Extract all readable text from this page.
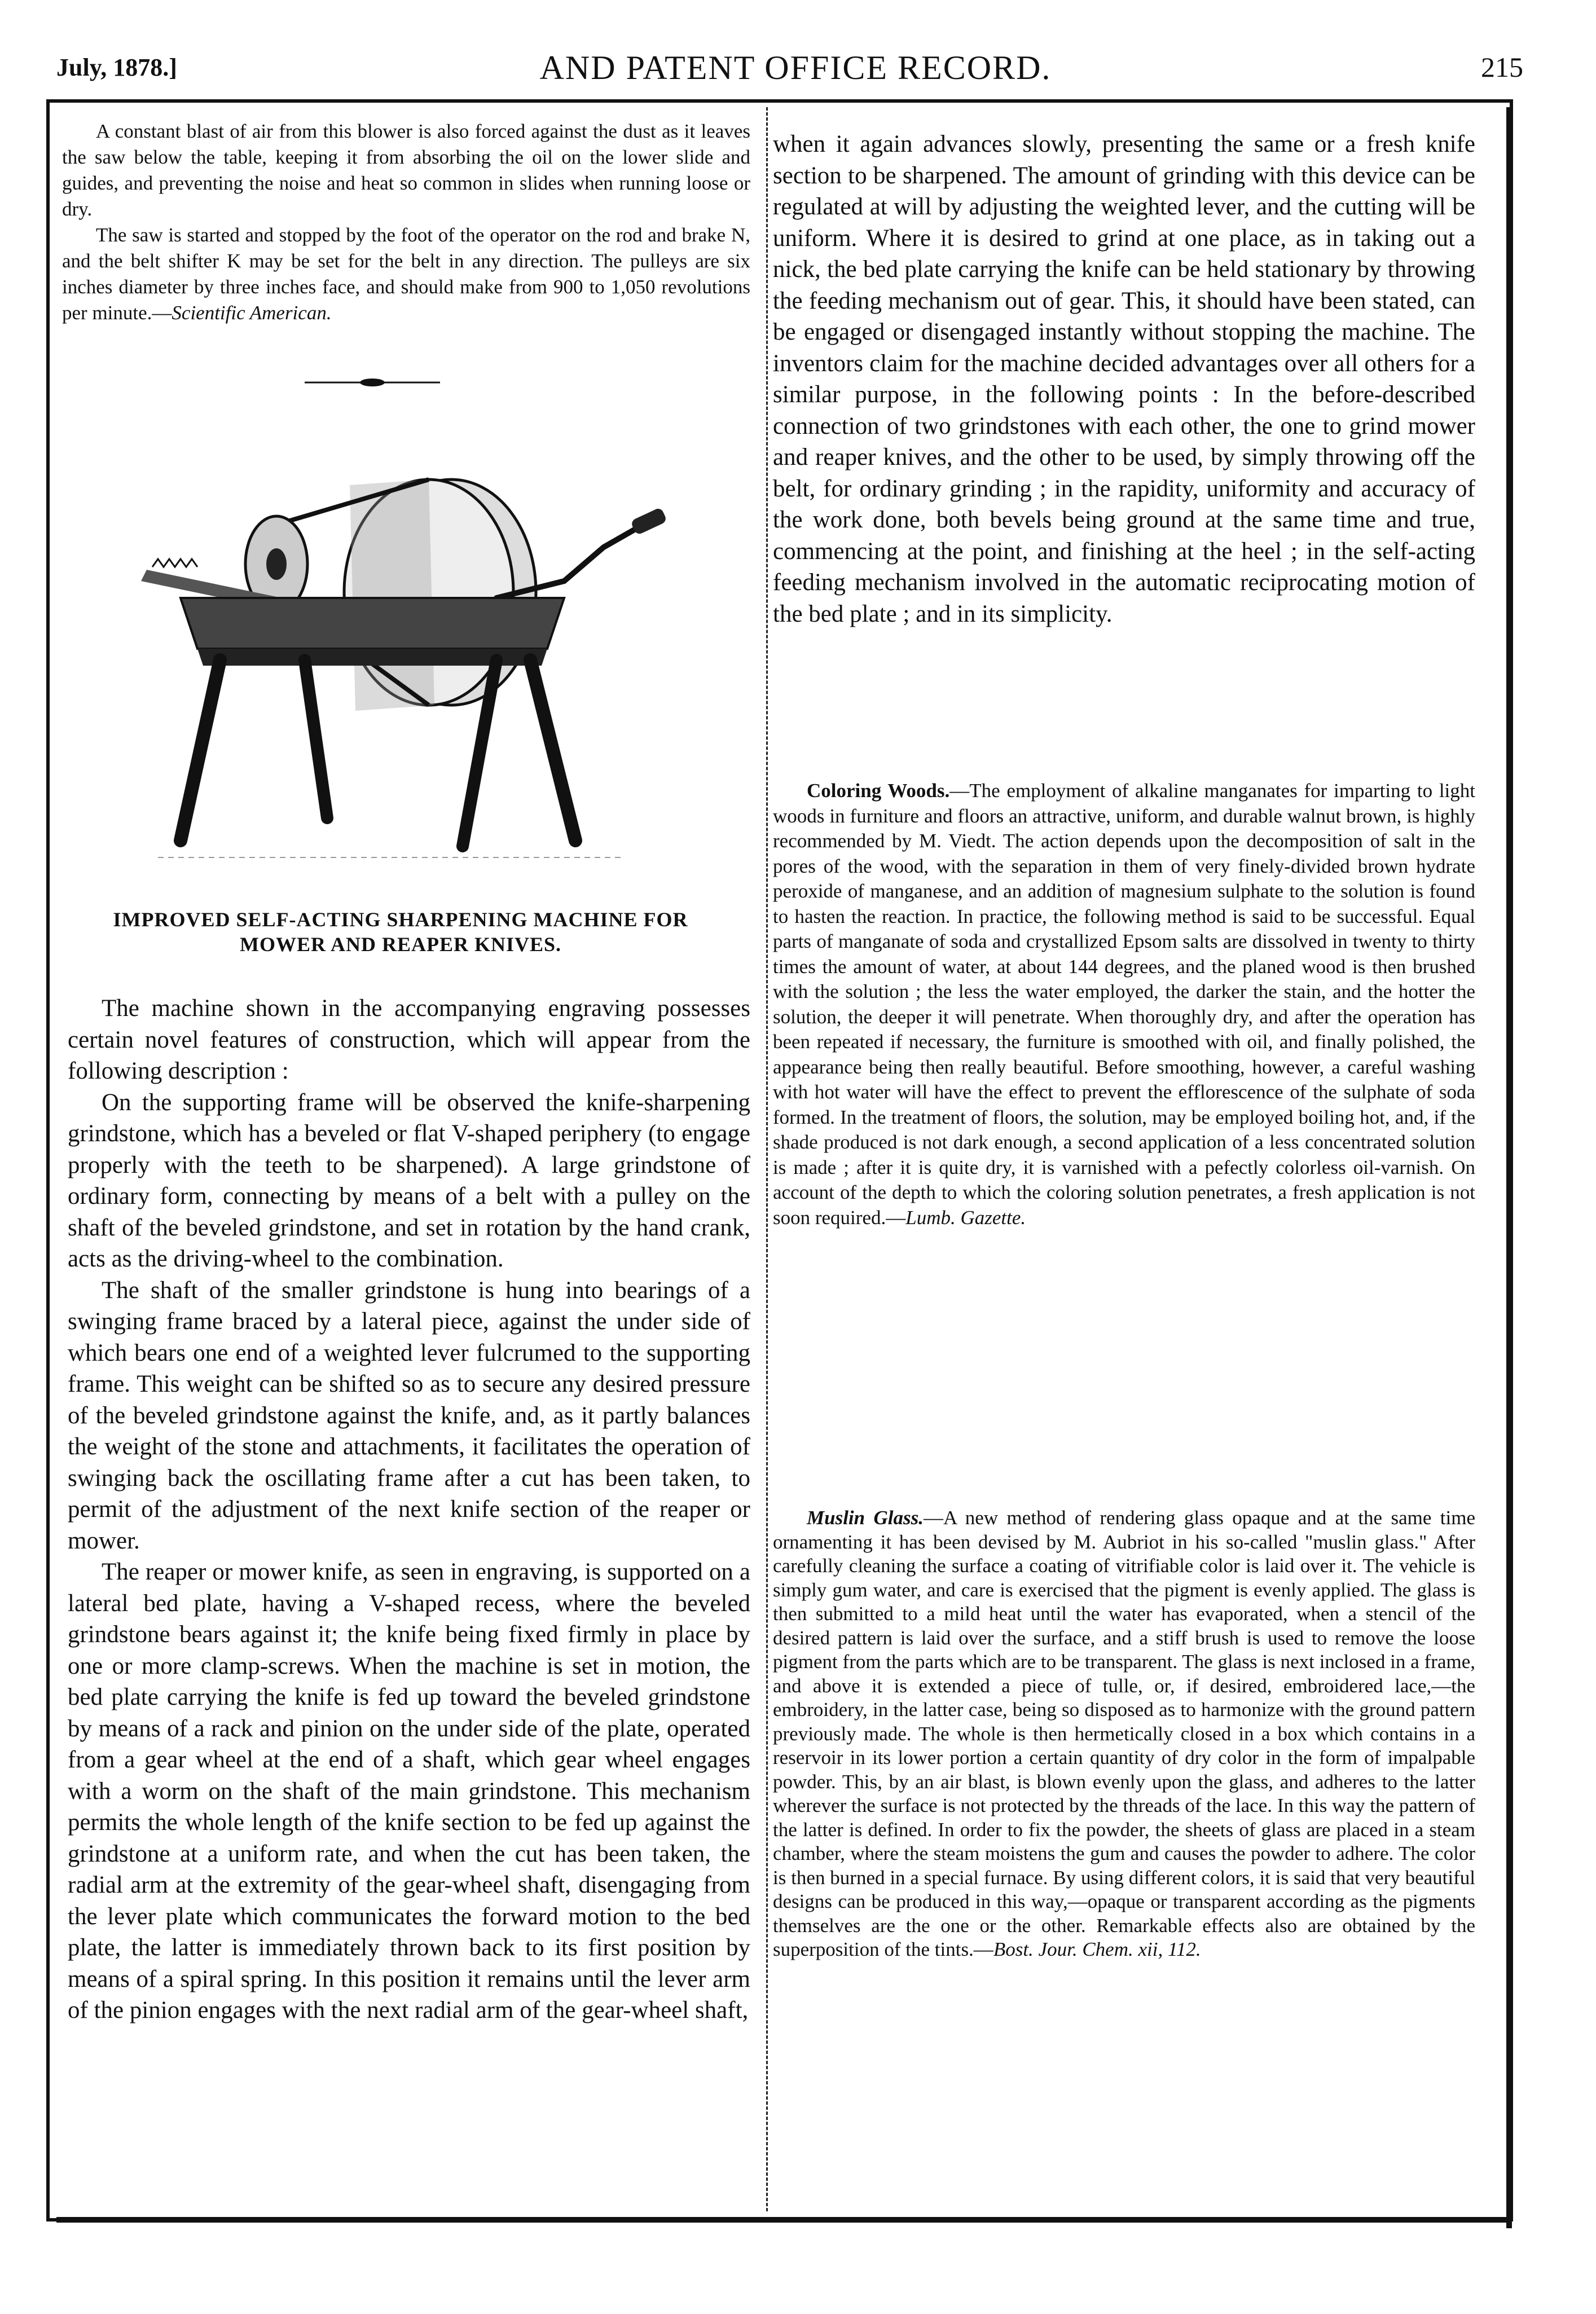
July, 1878.]	AND PATENT OFFICE RECORD.	215

A constant blast of air from this blower is also forced against the dust as it leaves the saw below the table, keeping it from absorbing the oil on the lower slide and guides, and preventing the noise and heat so common in slides when running loose or dry.

The saw is started and stopped by the foot of the operator on the rod and brake N, and the belt shifter K may be set for the belt in any direction. The pulleys are six inches diameter by three inches face, and should make from 900 to 1,050 revolutions per minute.—Scientific American.

IMPROVED SELF-ACTING SHARPENING MACHINE FOR
MOWER AND REAPER KNIVES.

The machine shown in the accompanying engraving possesses certain novel features of construction, which will appear from the following description :

On the supporting frame will be observed the knife-sharpening grindstone, which has a beveled or flat V-shaped periphery (to engage properly with the teeth to be sharpened). A large grindstone of ordinary form, connecting by means of a belt with a pulley on the shaft of the beveled grindstone, and set in rotation by the hand crank, acts as the driving-wheel to the combination.

The shaft of the smaller grindstone is hung into bearings of a swinging frame braced by a lateral piece, against the under side of which bears one end of a weighted lever fulcrumed to the supporting frame. This weight can be shifted so as to secure any desired pressure of the beveled grindstone against the knife, and, as it partly balances the weight of the stone and attachments, it facilitates the operation of swinging back the oscillating frame after a cut has been taken, to permit of the adjustment of the next knife section of the reaper or mower.

The reaper or mower knife, as seen in engraving, is supported on a lateral bed plate, having a V-shaped recess, where the beveled grindstone bears against it; the knife being fixed firmly in place by one or more clamp-screws. When the machine is set in motion, the bed plate carrying the knife is fed up toward the beveled grindstone by means of a rack and pinion on the under side of the plate, operated from a gear wheel at the end of a shaft, which gear wheel engages with a worm on the shaft of the main grindstone. This mechanism permits the whole length of the knife section to be fed up against the grindstone at a uniform rate, and when the cut has been taken, the radial arm at the extremity of the gear-wheel shaft, disengaging from the lever plate which communicates the forward motion to the bed plate, the latter is immediately thrown back to its first position by means of a spiral spring. In this position it remains until the lever arm of the pinion engages with the next radial arm of the gear-wheel shaft,

when it again advances slowly, presenting the same or a fresh knife section to be sharpened. The amount of grinding with this device can be regulated at will by adjusting the weighted lever, and the cutting will be uniform. Where it is desired to grind at one place, as in taking out a nick, the bed plate carrying the knife can be held stationary by throwing the feeding mechanism out of gear. This, it should have been stated, can be engaged or disengaged instantly without stopping the machine. The inventors claim for the machine decided advantages over all others for a similar purpose, in the following points : In the before-described connection of two grindstones with each other, the one to grind mower and reaper knives, and the other to be used, by simply throwing off the belt, for ordinary grinding ; in the rapidity, uniformity and accuracy of the work done, both bevels being ground at the same time and true, commencing at the point, and finishing at the heel ; in the self-acting feeding mechanism involved in the automatic reciprocating motion of the bed plate ; and in its simplicity.

Coloring Woods.—The employment of alkaline manganates for imparting to light woods in furniture and floors an attractive, uniform, and durable walnut brown, is highly recommended by M. Viedt. The action depends upon the decomposition of salt in the pores of the wood, with the separation in them of very finely-divided brown hydrate peroxide of manganese, and an addition of magnesium sulphate to the solution is found to hasten the reaction. In practice, the following method is said to be successful. Equal parts of manganate of soda and crystallized Epsom salts are dissolved in twenty to thirty times the amount of water, at about 144 degrees, and the planed wood is then brushed with the solution ; the less the water employed, the darker the stain, and the hotter the solution, the deeper it will penetrate. When thoroughly dry, and after the operation has been repeated if necessary, the furniture is smoothed with oil, and finally polished, the appearance being then really beautiful. Before smoothing, however, a careful washing with hot water will have the effect to prevent the efflorescence of the sulphate of soda formed. In the treatment of floors, the solution, may be employed boiling hot, and, if the shade produced is not dark enough, a second application of a less concentrated solution is made ; after it is quite dry, it is varnished with a pefectly colorless oil-varnish. On account of the depth to which the coloring solution penetrates, a fresh application is not soon required.—Lumb. Gazette.

Muslin Glass.—A new method of rendering glass opaque and at the same time ornamenting it has been devised by M. Aubriot in his so-called "muslin glass." After carefully cleaning the surface a coating of vitrifiable color is laid over it. The vehicle is simply gum water, and care is exercised that the pigment is evenly applied. The glass is then submitted to a mild heat until the water has evaporated, when a stencil of the desired pattern is laid over the surface, and a stiff brush is used to remove the loose pigment from the parts which are to be transparent. The glass is next inclosed in a frame, and above it is extended a piece of tulle, or, if desired, embroidered lace,—the embroidery, in the latter case, being so disposed as to harmonize with the ground pattern previously made. The whole is then hermetically closed in a box which contains in a reservoir in its lower portion a certain quantity of dry color in the form of impalpable powder. This, by an air blast, is blown evenly upon the glass, and adheres to the latter wherever the surface is not protected by the threads of the lace. In this way the pattern of the latter is defined. In order to fix the powder, the sheets of glass are placed in a steam chamber, where the steam moistens the gum and causes the powder to adhere. The color is then burned in a special furnace. By using different colors, it is said that very beautiful designs can be produced in this way,—opaque or transparent according as the pigments themselves are the one or the other. Remarkable effects also are obtained by the superposition of the tints.—Bost. Jour. Chem. xii, 112.
